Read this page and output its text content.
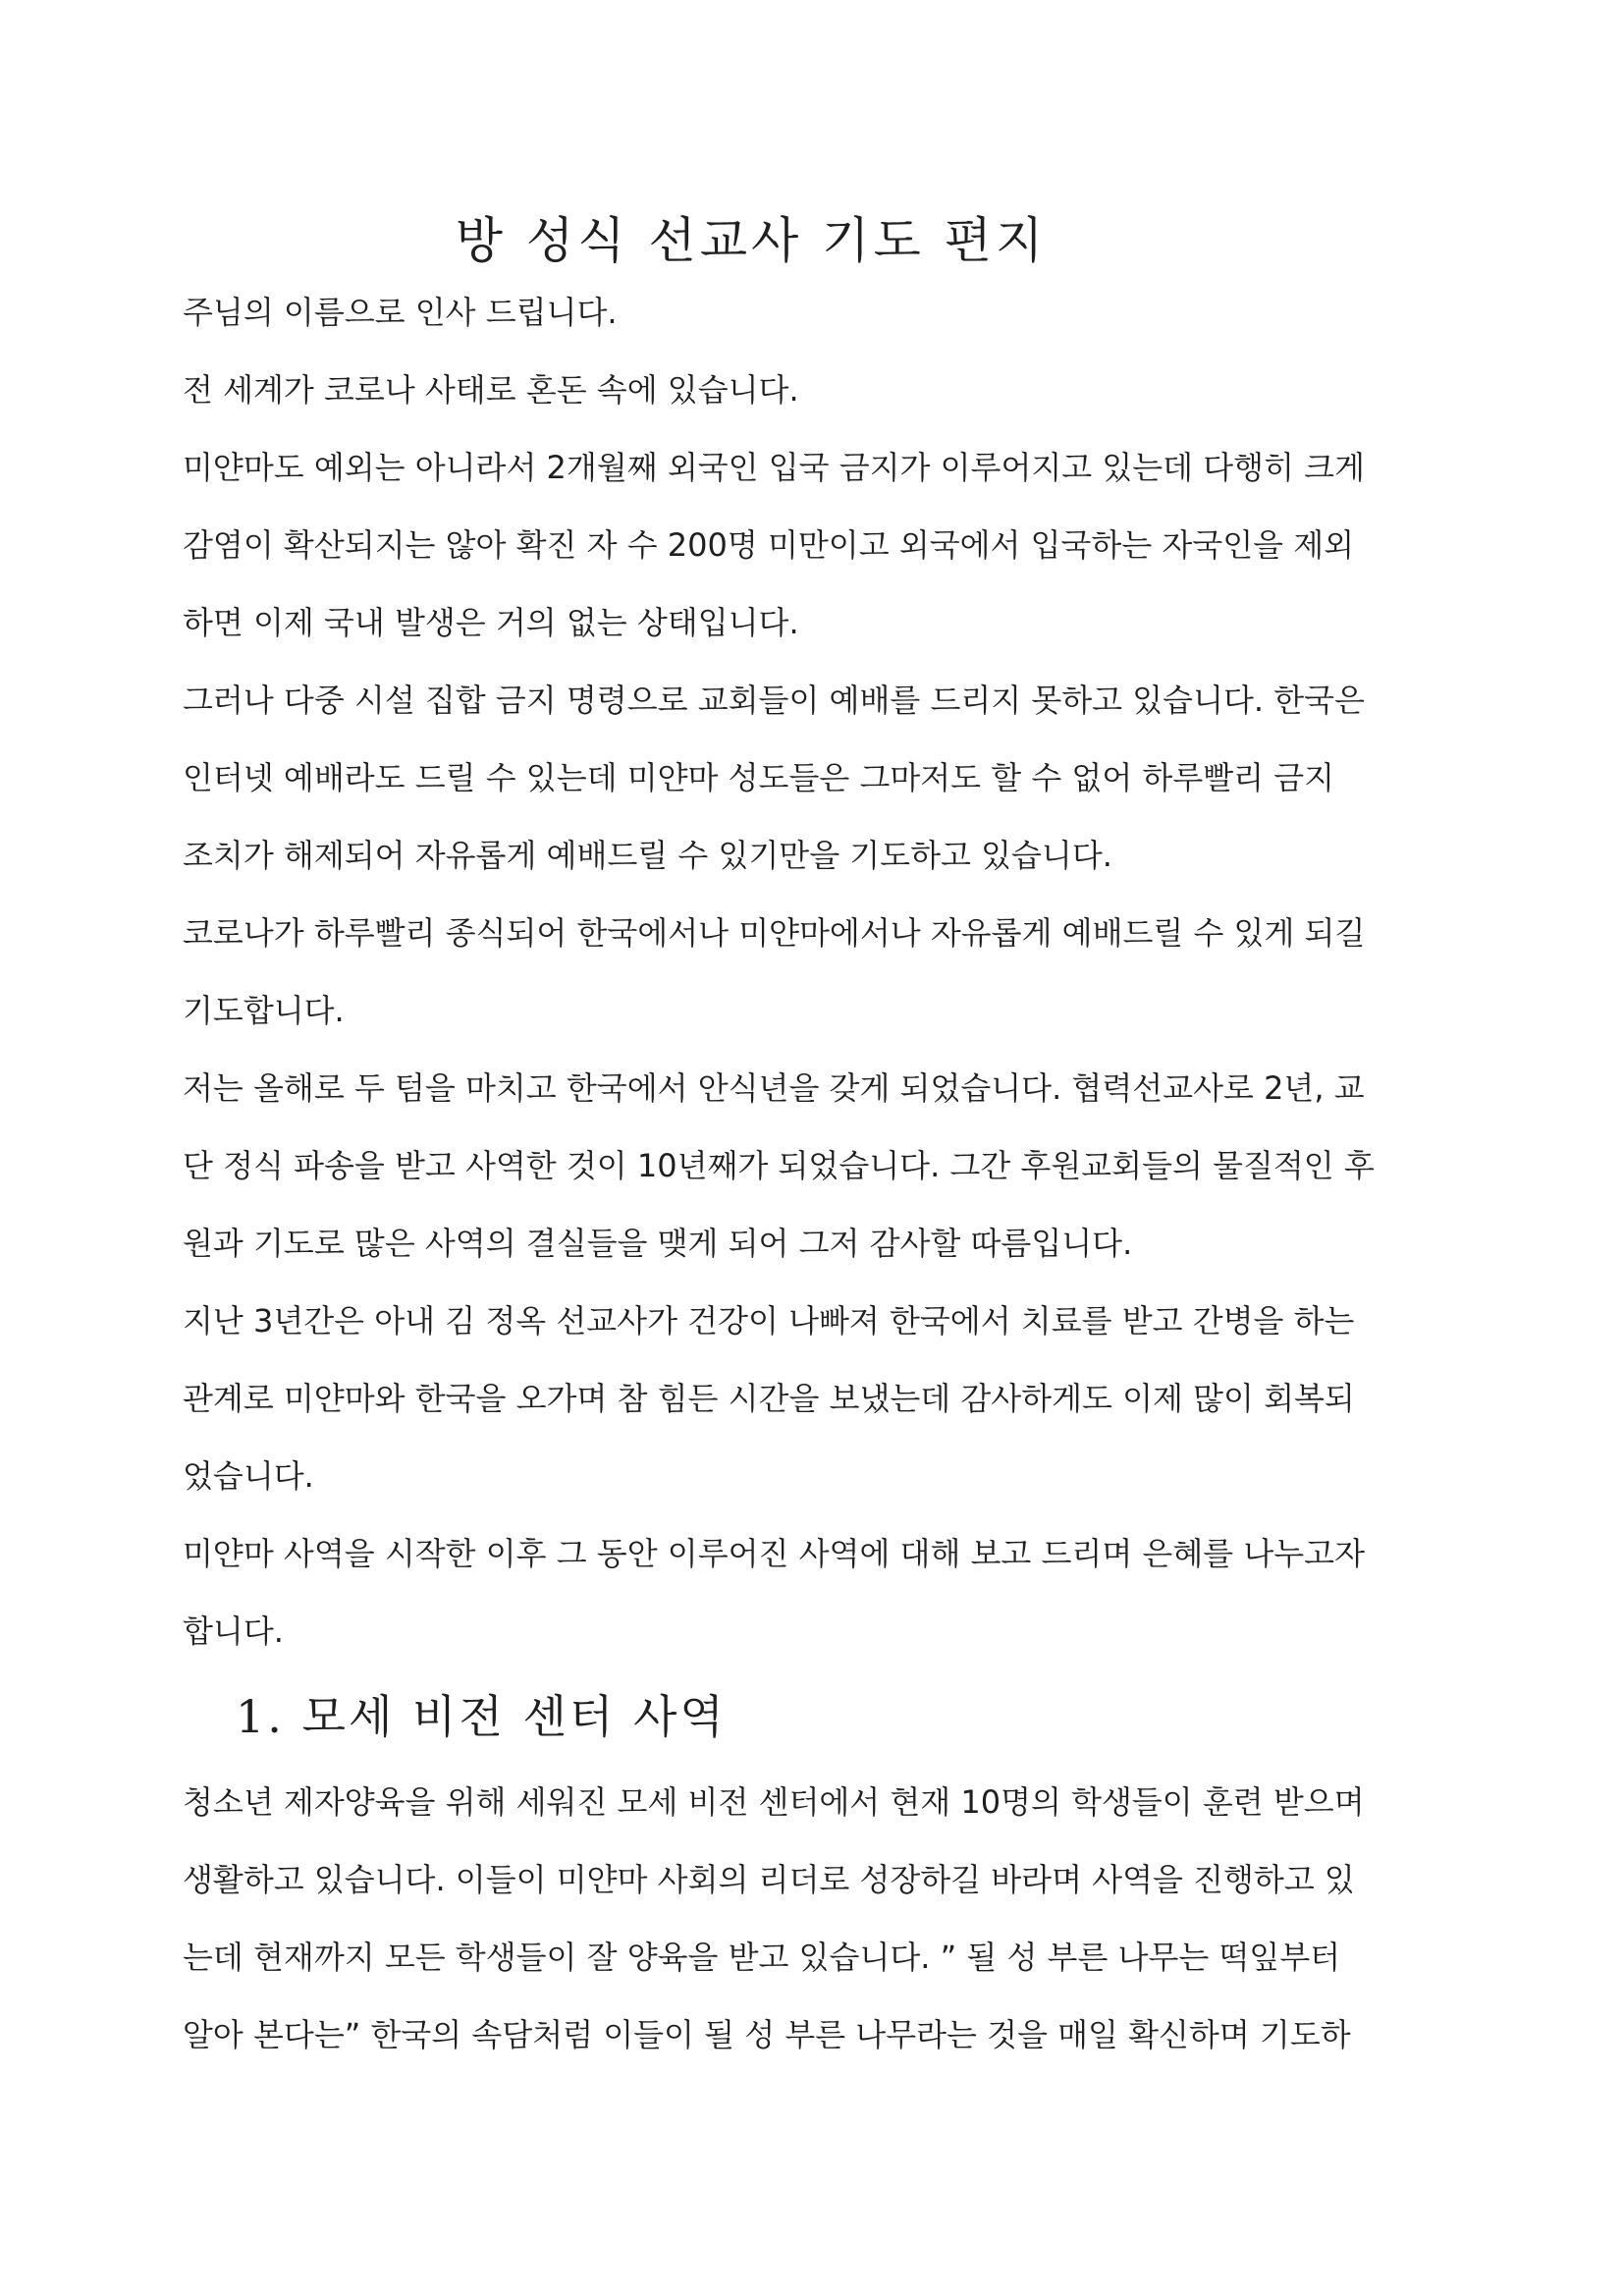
방 성식 선교사 기도 편지

주님의 이름으로 인사 드립니다.

전 세계가 코로나 사태로 혼돈 속에 있습니다.

미얀마도 예외는 아니라서 2개월째 외국인 입국 금지가 이루어지고 있는데 다행히 크게

감염이 확산되지는 않아 확진 자 수 200명 미만이고 외국에서 입국하는 자국인을 제외

하면 이제 국내 발생은 거의 없는 상태입니다.

그러나 다중 시설 집합 금지 명령으로 교회들이 예배를 드리지 못하고 있습니다. 한국은

인터넷 예배라도 드릴 수 있는데 미얀마 성도들은 그마저도 할 수 없어 하루빨리 금지

조치가 해제되어 자유롭게 예배드릴 수 있기만을 기도하고 있습니다.

코로나가 하루빨리 종식되어 한국에서나 미얀마에서나 자유롭게 예배드릴 수 있게 되길

기도합니다.

저는 올해로 두 텀을 마치고 한국에서 안식년을 갖게 되었습니다. 협력선교사로 2년, 교

단 정식 파송을 받고 사역한 것이 10년째가 되었습니다. 그간 후원교회들의 물질적인 후

원과 기도로 많은 사역의 결실들을 맺게 되어 그저 감사할 따름입니다.

지난 3년간은 아내 김 정옥 선교사가 건강이 나빠져 한국에서 치료를 받고 간병을 하는

관계로 미얀마와 한국을 오가며 참 힘든 시간을 보냈는데 감사하게도 이제 많이 회복되

었습니다.

미얀마 사역을 시작한 이후 그 동안 이루어진 사역에 대해 보고 드리며 은혜를 나누고자

합니다.

1. 모세 비전 센터 사역

청소년 제자양육을 위해 세워진 모세 비전 센터에서 현재 10명의 학생들이 훈련 받으며

생활하고 있습니다. 이들이 미얀마 사회의 리더로 성장하길 바라며 사역을 진행하고 있

는데 현재까지 모든 학생들이 잘 양육을 받고 있습니다. ” 될 성 부른 나무는 떡잎부터

알아 본다는” 한국의 속담처럼 이들이 될 성 부른 나무라는 것을 매일 확신하며 기도하
